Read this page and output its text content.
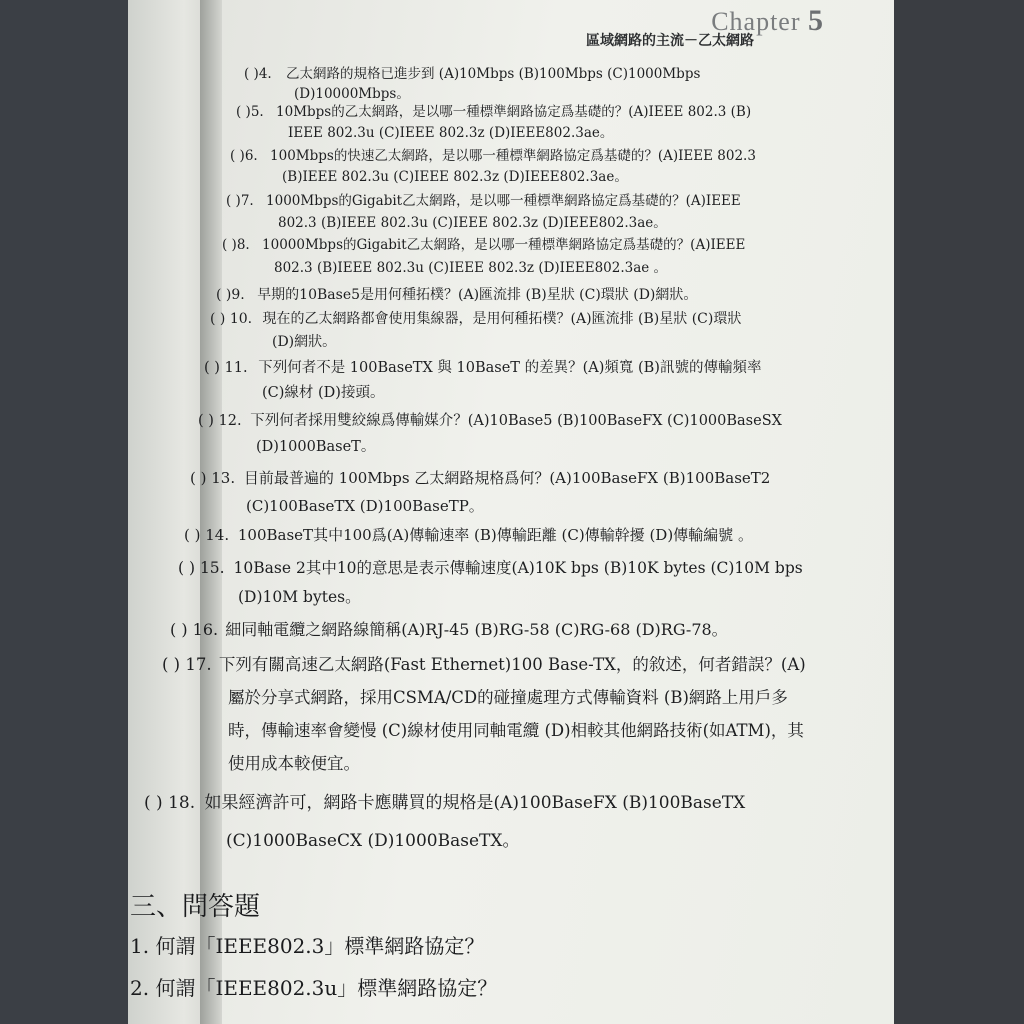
Chapter 5
區域網路的主流－乙太網路
( )4. 乙太網路的規格已進步到 (A)10Mbps (B)100Mbps (C)1000Mbps
(D)10000Mbps。
( )5. 10Mbps的乙太網路，是以哪一種標準網路協定爲基礎的？(A)IEEE 802.3 (B)
IEEE 802.3u (C)IEEE 802.3z (D)IEEE802.3ae。
( )6. 100Mbps的快速乙太網路，是以哪一種標準網路協定爲基礎的？(A)IEEE 802.3
(B)IEEE 802.3u (C)IEEE 802.3z (D)IEEE802.3ae。
( )7. 1000Mbps的Gigabit乙太網路，是以哪一種標準網路協定爲基礎的？(A)IEEE
802.3 (B)IEEE 802.3u (C)IEEE 802.3z (D)IEEE802.3ae。
( )8. 10000Mbps的Gigabit乙太網路，是以哪一種標準網路協定爲基礎的？(A)IEEE
802.3 (B)IEEE 802.3u (C)IEEE 802.3z (D)IEEE802.3ae 。
( )9. 早期的10Base5是用何種拓樸？(A)匯流排 (B)星狀 (C)環狀 (D)網狀。
( ) 10. 現在的乙太網路都會使用集線器，是用何種拓樸？(A)匯流排 (B)星狀 (C)環狀
(D)網狀。
( ) 11. 下列何者不是 100BaseTX 與 10BaseT 的差異？(A)頻寬 (B)訊號的傳輸頻率
(C)線材 (D)接頭。
( ) 12. 下列何者採用雙絞線爲傳輸媒介？(A)10Base5 (B)100BaseFX (C)1000BaseSX
(D)1000BaseT。
( ) 13. 目前最普遍的 100Mbps 乙太網路規格爲何？(A)100BaseFX (B)100BaseT2
(C)100BaseTX (D)100BaseTP。
( ) 14. 100BaseT其中100爲(A)傳輸速率 (B)傳輸距離 (C)傳輸幹擾 (D)傳輸編號 。
( ) 15. 10Base 2其中10的意思是表示傳輸速度(A)10K bps (B)10K bytes (C)10M bps
(D)10M bytes。
( ) 16. 細同軸電纜之網路線簡稱(A)RJ-45 (B)RG-58 (C)RG-68 (D)RG-78。
( ) 17. 下列有關高速乙太網路(Fast Ethernet)100 Base-TX，的敘述，何者錯誤？(A)
屬於分享式網路，採用CSMA/CD的碰撞處理方式傳輸資料 (B)網路上用戶多
時，傳輸速率會變慢 (C)線材使用同軸電纜 (D)相較其他網路技術(如ATM)，其
使用成本較便宜。
( ) 18. 如果經濟許可，網路卡應購買的規格是(A)100BaseFX (B)100BaseTX
(C)1000BaseCX (D)1000BaseTX。
三、問答題
1. 何謂「IEEE802.3」標準網路協定？
2. 何謂「IEEE802.3u」標準網路協定？
